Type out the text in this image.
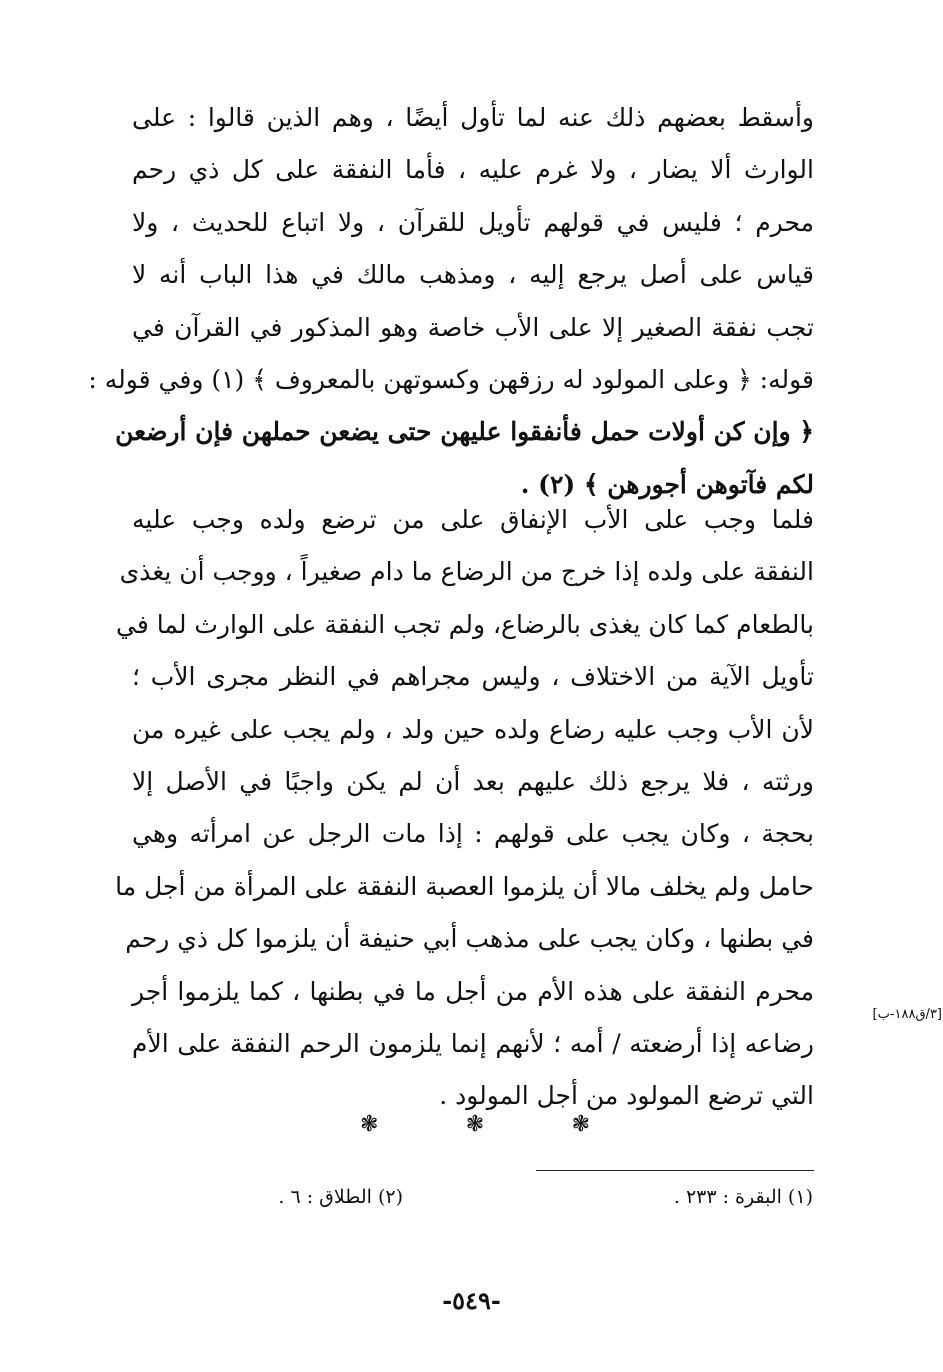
وأسقط بعضهم ذلك عنه لما تأول أيضًا ، وهم الذين قالوا : على
الوارث ألا يضار ، ولا غرم عليه ، فأما النفقة على كل ذي رحم
محرم ؛ فليس في قولهم تأويل للقرآن ، ولا اتباع للحديث ، ولا
قياس على أصل يرجع إليه ، ومذهب مالك في هذا الباب أنه لا
تجب نفقة الصغير إلا على الأب خاصة وهو المذكور في القرآن في
قوله: ﴿ وعلى المولود له رزقهن وكسوتهن بالمعروف ﴾ (١) وفي قوله :
﴿ وإن كن أولات حمل فأنفقوا عليهن حتى يضعن حملهن فإن أرضعن
لكم فآتوهن أجورهن ﴾ (٢) .
فلما وجب على الأب الإنفاق على من ترضع ولده وجب عليه
النفقة على ولده إذا خرج من الرضاع ما دام صغيراً ، ووجب أن يغذى
بالطعام كما كان يغذى بالرضاع، ولم تجب النفقة على الوارث لما في
تأويل الآية من الاختلاف ، وليس مجراهم في النظر مجرى الأب ؛
لأن الأب وجب عليه رضاع ولده حين ولد ، ولم يجب على غيره من
ورثته ، فلا يرجع ذلك عليهم بعد أن لم يكن واجبًا في الأصل إلا
بحجة ، وكان يجب على قولهم : إذا مات الرجل عن امرأته وهي
حامل ولم يخلف مالا أن يلزموا العصبة النفقة على المرأة من أجل ما
في بطنها ، وكان يجب على مذهب أبي حنيفة أن يلزموا كل ذي رحم
محرم النفقة على هذه الأم من أجل ما في بطنها ، كما يلزموا أجر
رضاعه إذا أرضعته / أمه ؛ لأنهم إنما يلزمون الرحم النفقة على الأم
التي ترضع المولود من أجل المولود .
[٣/ق١٨٨-ب]
❃	❃	❃
(١) البقرة : ٢٣٣ .
(٢) الطلاق : ٦ .
-٥٤٩-
